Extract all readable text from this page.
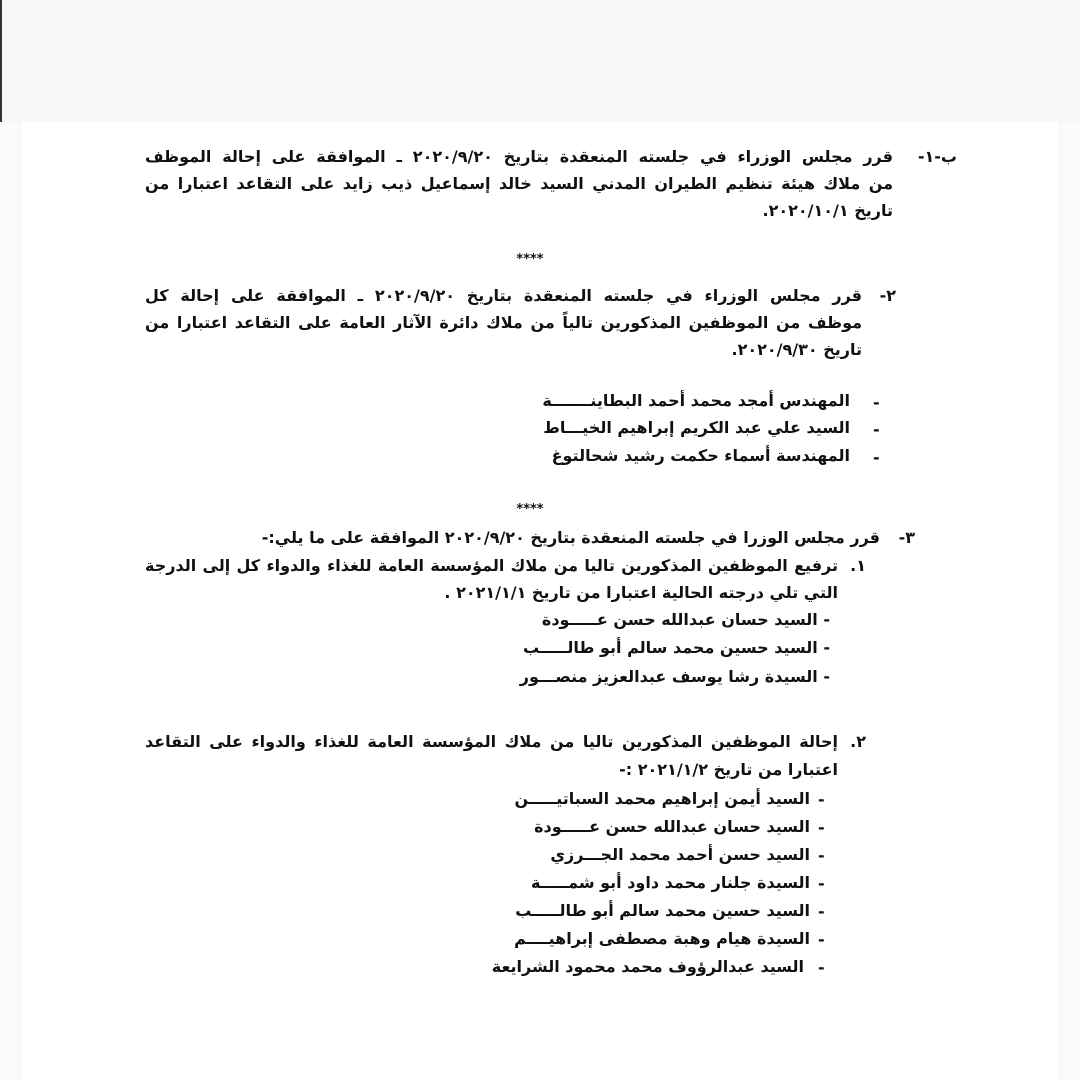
ب-١-
قرر مجلس الوزراء في جلسته المنعقدة بتاريخ ٢٠٢٠/٩/٢٠ ـ الموافقة على إحالة الموظف
من ملاك هيئة تنظيم الطيران المدني السيد خالد إسماعيل ذيب زايد على التقاعد اعتبارا من
تاريخ ٢٠٢٠/١٠/١.
****
٢-
قرر مجلس الوزراء في جلسته المنعقدة بتاريخ ٢٠٢٠/٩/٢٠ ـ الموافقة على إحالة كل
موظف من الموظفين المذكورين تالياً من ملاك دائرة الآثار العامة على التقاعد اعتبارا من
تاريخ ٢٠٢٠/٩/٣٠.
-
المهندس أمجد محمد أحمد البطاينـــــــة
-
السيد علي عبد الكريم إبراهيم الخيـــاط
-
المهندسة أسماء حكمت رشيد شحالتوغ
****
٣-
قرر مجلس الوزرا في جلسته المنعقدة بتاريخ ٢٠٢٠/٩/٢٠ الموافقة على ما يلي:-
١.
ترفيع الموظفين المذكورين تاليا من ملاك المؤسسة العامة للغذاء والدواء كل إلى الدرجة
التي تلي درجته الحالية اعتبارا من تاريخ ٢٠٢١/١/١ .
- السيد حسان عبدالله حسن عـــــودة
- السيد حسين محمد سالم أبو طالـــــب
- السيدة رشا يوسف عبدالعزيز منصـــور
٢.
إحالة الموظفين المذكورين تاليا من ملاك المؤسسة العامة للغذاء والدواء على التقاعد
اعتبارا من تاريخ ٢٠٢١/١/٢ :-
-
السيد أيمن إبراهيم محمد السباتيـــــن
-
السيد حسان عبدالله حسن عـــــودة
-
السيد حسن أحمد محمد الجـــرزي
-
السيدة جلنار محمد داود أبو شمـــــة
-
السيد حسين محمد سالم أبو طالـــــب
-
السيدة هيام وهبة مصطفى إبراهيــــم
-
السيد عبدالرؤوف محمد محمود الشرايعة
